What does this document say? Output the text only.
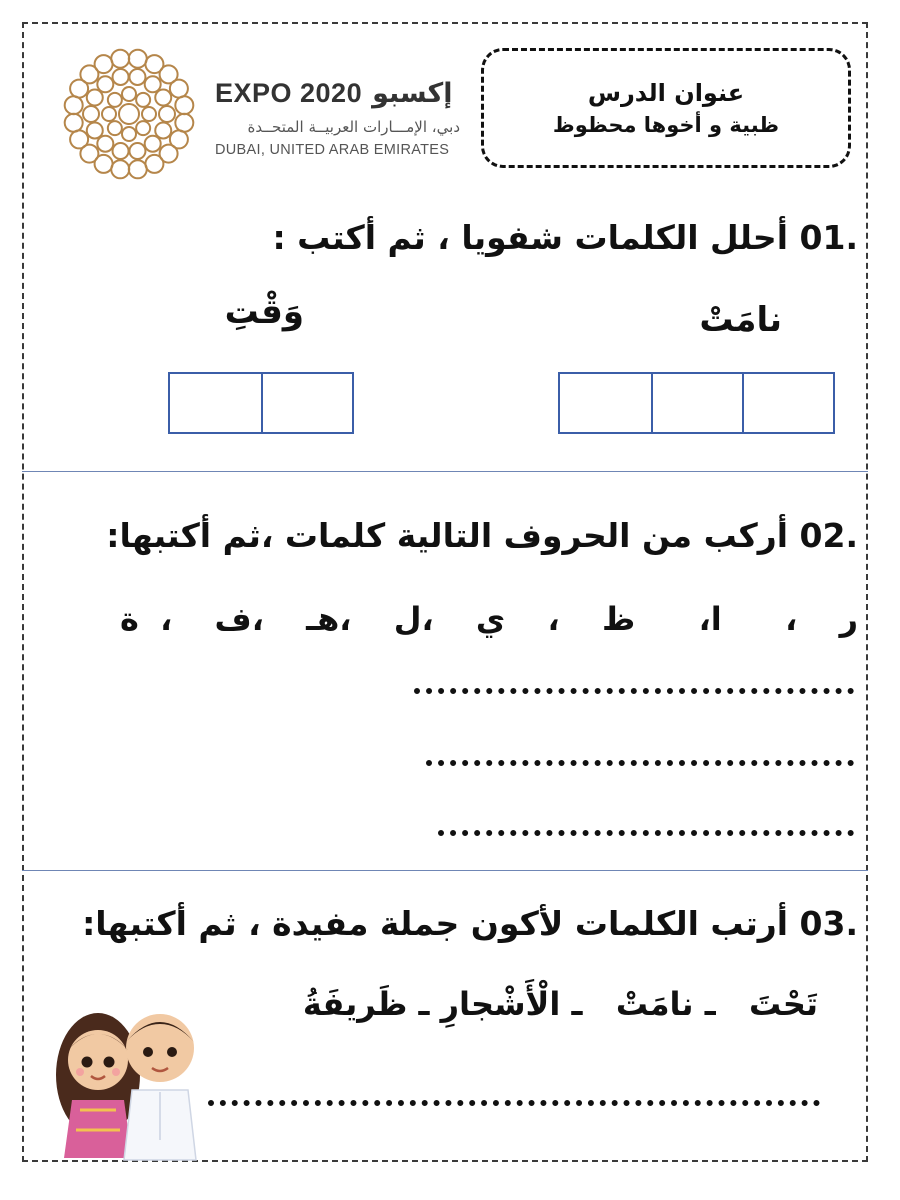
EXPO 2020 إكسبو
دبي، الإمـــارات العربيــة المتحــدة
DUBAI, UNITED ARAB EMIRATES
عنوان الدرس
ظبية و أخوها محظوظ
01. أحلل الكلمات شفويا ، ثم أكتب :
نامَتْ
وَقْتِ
02. أركب من الحروف التالية كلمات ،ثم أكتبها:
ر  ،   ا،   ظ  ،  ي  ،ل  ،هـ  ،ف  ، ة
03. أرتب الكلمات لأكون جملة مفيدة ، ثم أكتبها:
تَحْتَ   ـ نامَتْ   ـ الْأَشْجارِ ـ ظَريفَةُ
